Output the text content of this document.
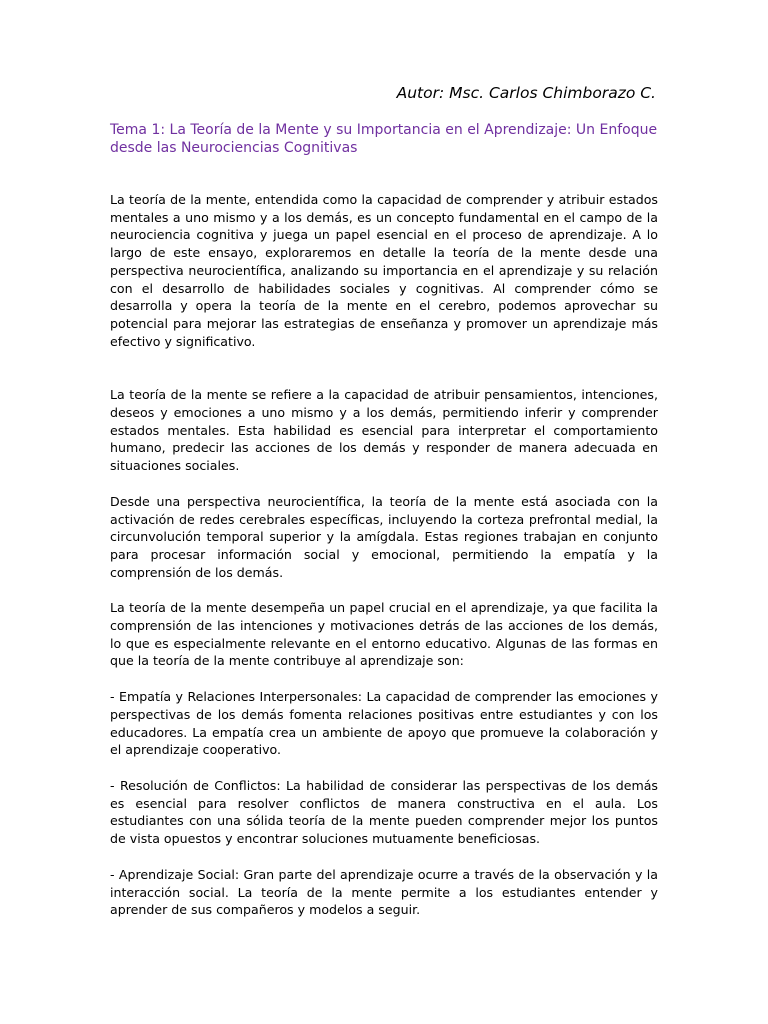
Autor: Msc. Carlos Chimborazo C.
Tema 1: La Teoría de la Mente y su Importancia en el Aprendizaje: Un Enfoque desde las Neurociencias Cognitivas

La teoría de la mente, entendida como la capacidad de comprender y atribuir estados mentales a uno mismo y a los demás, es un concepto fundamental en el campo de la neurociencia cognitiva y juega un papel esencial en el proceso de aprendizaje. A lo largo de este ensayo, exploraremos en detalle la teoría de la mente desde una perspectiva neurocientífica, analizando su importancia en el aprendizaje y su relación con el desarrollo de habilidades sociales y cognitivas. Al comprender cómo se desarrolla y opera la teoría de la mente en el cerebro, podemos aprovechar su potencial para mejorar las estrategias de enseñanza y promover un aprendizaje más efectivo y significativo.

La teoría de la mente se refiere a la capacidad de atribuir pensamientos, intenciones, deseos y emociones a uno mismo y a los demás, permitiendo inferir y comprender estados mentales. Esta habilidad es esencial para interpretar el comportamiento humano, predecir las acciones de los demás y responder de manera adecuada en situaciones sociales.

Desde una perspectiva neurocientífica, la teoría de la mente está asociada con la activación de redes cerebrales específicas, incluyendo la corteza prefrontal medial, la circunvolución temporal superior y la amígdala. Estas regiones trabajan en conjunto para procesar información social y emocional, permitiendo la empatía y la comprensión de los demás.

La teoría de la mente desempeña un papel crucial en el aprendizaje, ya que facilita la comprensión de las intenciones y motivaciones detrás de las acciones de los demás, lo que es especialmente relevante en el entorno educativo. Algunas de las formas en que la teoría de la mente contribuye al aprendizaje son:

- Empatía y Relaciones Interpersonales: La capacidad de comprender las emociones y perspectivas de los demás fomenta relaciones positivas entre estudiantes y con los educadores. La empatía crea un ambiente de apoyo que promueve la colaboración y el aprendizaje cooperativo.

- Resolución de Conflictos: La habilidad de considerar las perspectivas de los demás es esencial para resolver conflictos de manera constructiva en el aula. Los estudiantes con una sólida teoría de la mente pueden comprender mejor los puntos de vista opuestos y encontrar soluciones mutuamente beneficiosas.

- Aprendizaje Social: Gran parte del aprendizaje ocurre a través de la observación y la interacción social. La teoría de la mente permite a los estudiantes entender y aprender de sus compañeros y modelos a seguir.
